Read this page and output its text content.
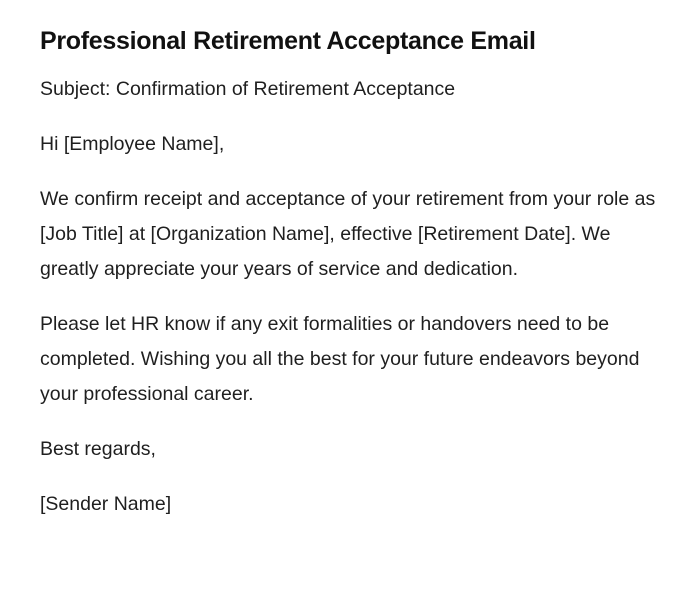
Professional Retirement Acceptance Email

Subject: Confirmation of Retirement Acceptance

Hi [Employee Name],

We confirm receipt and acceptance of your retirement from your role as [Job Title] at [Organization Name], effective [Retirement Date]. We greatly appreciate your years of service and dedication.

Please let HR know if any exit formalities or handovers need to be completed. Wishing you all the best for your future endeavors beyond your professional career.

Best regards,

[Sender Name]
